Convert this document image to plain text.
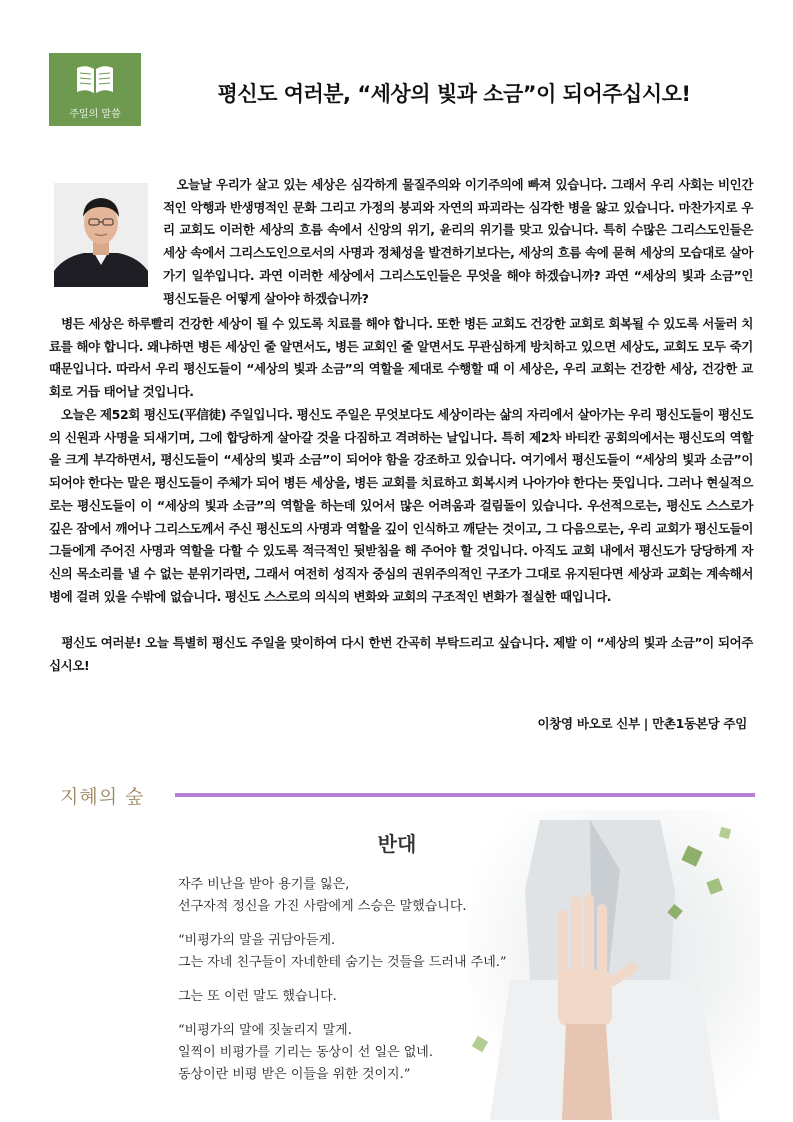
주일의 말씀
평신도 여러분, “세상의 빛과 소금”이 되어주십시오!
오늘날 우리가 살고 있는 세상은 심각하게 물질주의와 이기주의에 빠져 있습니다. 그래서 우리 사회는 비인간적인 악행과 반생명적인 문화 그리고 가정의 붕괴와 자연의 파괴라는 심각한 병을 앓고 있습니다. 마찬가지로 우리 교회도 이러한 세상의 흐름 속에서 신앙의 위기, 윤리의 위기를 맞고 있습니다. 특히 수많은 그리스도인들은 세상 속에서 그리스도인으로서의 사명과 정체성을 발견하기보다는, 세상의 흐름 속에 묻혀 세상의 모습대로 살아가기 일쑤입니다. 과연 이러한 세상에서 그리스도인들은 무엇을 해야 하겠습니까? 과연 “세상의 빛과 소금”인 평신도들은 어떻게 살아야 하겠습니까?

병든 세상은 하루빨리 건강한 세상이 될 수 있도록 치료를 해야 합니다. 또한 병든 교회도 건강한 교회로 회복될 수 있도록 서둘러 치료를 해야 합니다. 왜냐하면 병든 세상인 줄 알면서도, 병든 교회인 줄 알면서도 무관심하게 방치하고 있으면 세상도, 교회도 모두 죽기 때문입니다. 따라서 우리 평신도들이 “세상의 빛과 소금”의 역할을 제대로 수행할 때 이 세상은, 우리 교회는 건강한 세상, 건강한 교회로 거듭 태어날 것입니다.

오늘은 제52회 평신도(平信徒) 주일입니다. 평신도 주일은 무엇보다도 세상이라는 삶의 자리에서 살아가는 우리 평신도들이 평신도의 신원과 사명을 되새기며, 그에 합당하게 살아갈 것을 다짐하고 격려하는 날입니다. 특히 제2차 바티칸 공회의에서는 평신도의 역할을 크게 부각하면서, 평신도들이 “세상의 빛과 소금”이 되어야 함을 강조하고 있습니다. 여기에서 평신도들이 “세상의 빛과 소금”이 되어야 한다는 말은 평신도들이 주체가 되어 병든 세상을, 병든 교회를 치료하고 회복시켜 나아가야 한다는 뜻입니다. 그러나 현실적으로는 평신도들이 이 “세상의 빛과 소금”의 역할을 하는데 있어서 많은 어려움과 걸림돌이 있습니다. 우선적으로는, 평신도 스스로가 깊은 잠에서 깨어나 그리스도께서 주신 평신도의 사명과 역할을 깊이 인식하고 깨닫는 것이고, 그 다음으로는, 우리 교회가 평신도들이 그들에게 주어진 사명과 역할을 다할 수 있도록 적극적인 뒷받침을 해 주어야 할 것입니다. 아직도 교회 내에서 평신도가 당당하게 자신의 목소리를 낼 수 없는 분위기라면, 그래서 여전히 성직자 중심의 권위주의적인 구조가 그대로 유지된다면 세상과 교회는 계속해서 병에 걸려 있을 수밖에 없습니다. 평신도 스스로의 의식의 변화와 교회의 구조적인 변화가 절실한 때입니다.

평신도 여러분! 오늘 특별히 평신도 주일을 맞이하여 다시 한번 간곡히 부탁드리고 싶습니다. 제발 이 “세상의 빛과 소금”이 되어주십시오!

이창영 바오로 신부 | 만촌1동본당 주임
지혜의 숲
반대
자주 비난을 받아 용기를 잃은,
선구자적 정신을 가진 사람에게 스승은 말했습니다.
“비평가의 말을 귀담아듣게.
그는 자네 친구들이 자네한테 숨기는 것들을 드러내 주네.”
그는 또 이런 말도 했습니다.
“비평가의 말에 짓눌리지 말게.
일찍이 비평가를 기리는 동상이 선 일은 없네.
동상이란 비평 받은 이들을 위한 것이지.”
